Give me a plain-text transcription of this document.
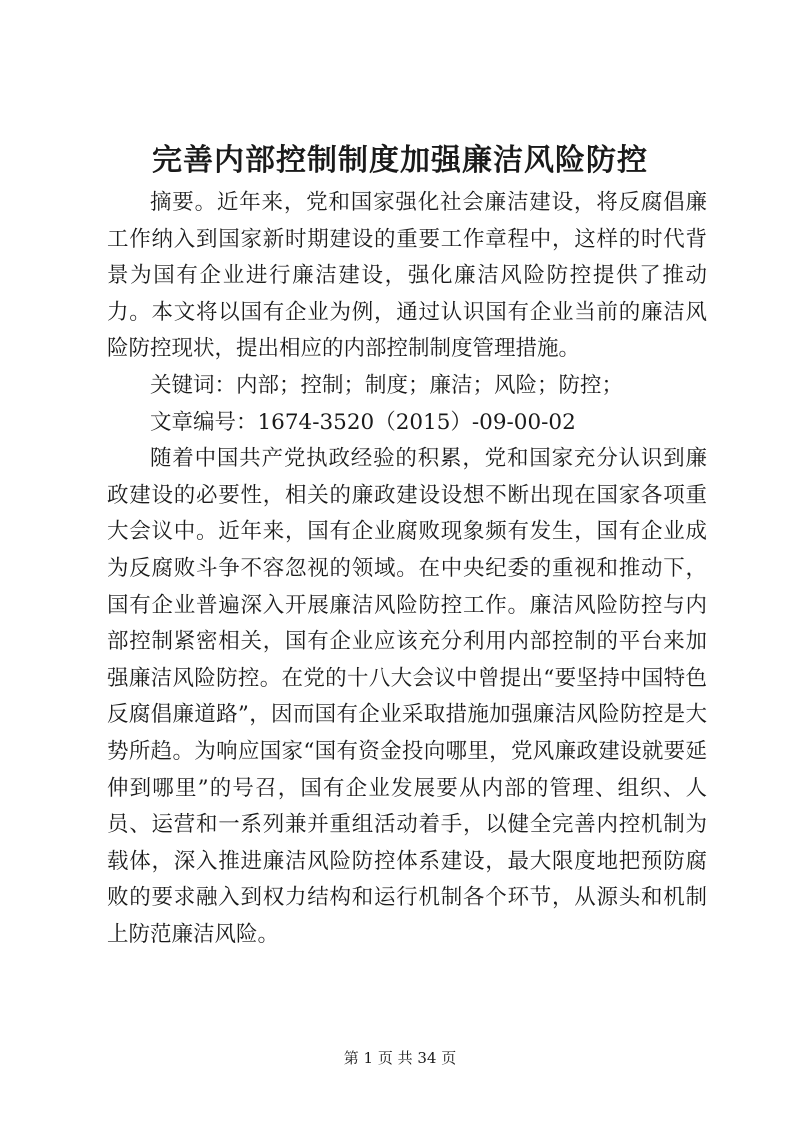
完善内部控制制度加强廉洁风险防控

摘要。近年来，党和国家强化社会廉洁建设，将反腐倡廉工作纳入到国家新时期建设的重要工作章程中，这样的时代背景为国有企业进行廉洁建设，强化廉洁风险防控提供了推动力。本文将以国有企业为例，通过认识国有企业当前的廉洁风险防控现状，提出相应的内部控制制度管理措施。

关键词：内部；控制；制度；廉洁；风险；防控；

文章编号：1674-3520（2015）-09-00-02

随着中国共产党执政经验的积累，党和国家充分认识到廉政建设的必要性，相关的廉政建设设想不断出现在国家各项重大会议中。近年来，国有企业腐败现象频有发生，国有企业成为反腐败斗争不容忽视的领域。在中央纪委的重视和推动下，国有企业普遍深入开展廉洁风险防控工作。廉洁风险防控与内部控制紧密相关，国有企业应该充分利用内部控制的平台来加强廉洁风险防控。在党的十八大会议中曾提出“要坚持中国特色反腐倡廉道路”，因而国有企业采取措施加强廉洁风险防控是大势所趋。为响应国家“国有资金投向哪里，党风廉政建设就要延伸到哪里”的号召，国有企业发展要从内部的管理、组织、人员、运营和一系列兼并重组活动着手，以健全完善内控机制为载体，深入推进廉洁风险防控体系建设，最大限度地把预防腐败的要求融入到权力结构和运行机制各个环节，从源头和机制上防范廉洁风险。

第 1 页 共 34 页
